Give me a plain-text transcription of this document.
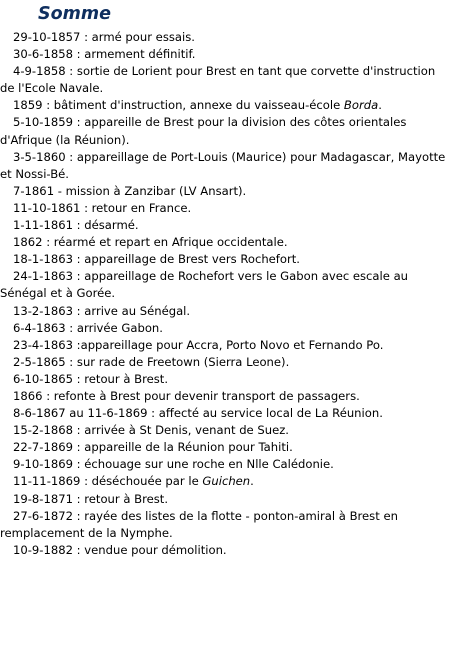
Somme

29-10-1857 : armé pour essais.

30-6-1858 : armement définitif.

4-9-1858 : sortie de Lorient pour Brest en tant que corvette d'instruction de l'Ecole Navale.

1859 : bâtiment d'instruction, annexe du vaisseau-école Borda.

5-10-1859 : appareille de Brest pour la division des côtes orientales d'Afrique (la Réunion).

3-5-1860 : appareillage de Port-Louis (Maurice) pour Madagascar, Mayotte et Nossi-Bé.

7-1861 - mission à Zanzibar (LV Ansart).

11-10-1861 : retour en France.

1-11-1861 : désarmé.

1862 : réarmé et repart en Afrique occidentale.

18-1-1863 : appareillage de Brest vers Rochefort.

24-1-1863 : appareillage de Rochefort vers le Gabon avec escale au Sénégal et à Gorée.

13-2-1863 : arrive au Sénégal.

6-4-1863 : arrivée Gabon.

23-4-1863 :appareillage pour Accra, Porto Novo et Fernando Po.

2-5-1865 : sur rade de Freetown (Sierra Leone).

6-10-1865 : retour à Brest.

1866 : refonte à Brest pour devenir transport de passagers.

8-6-1867 au 11-6-1869 : affecté au service local de La Réunion.

15-2-1868 : arrivée à St Denis, venant de Suez.

22-7-1869 : appareille de la Réunion pour Tahiti.

9-10-1869 : échouage sur une roche en Nlle Calédonie.

11-11-1869 : déséchouée par le Guichen.

19-8-1871 : retour à Brest.

27-6-1872 : rayée des listes de la flotte - ponton-amiral à Brest en remplacement de la Nymphe.

10-9-1882 : vendue pour démolition.
